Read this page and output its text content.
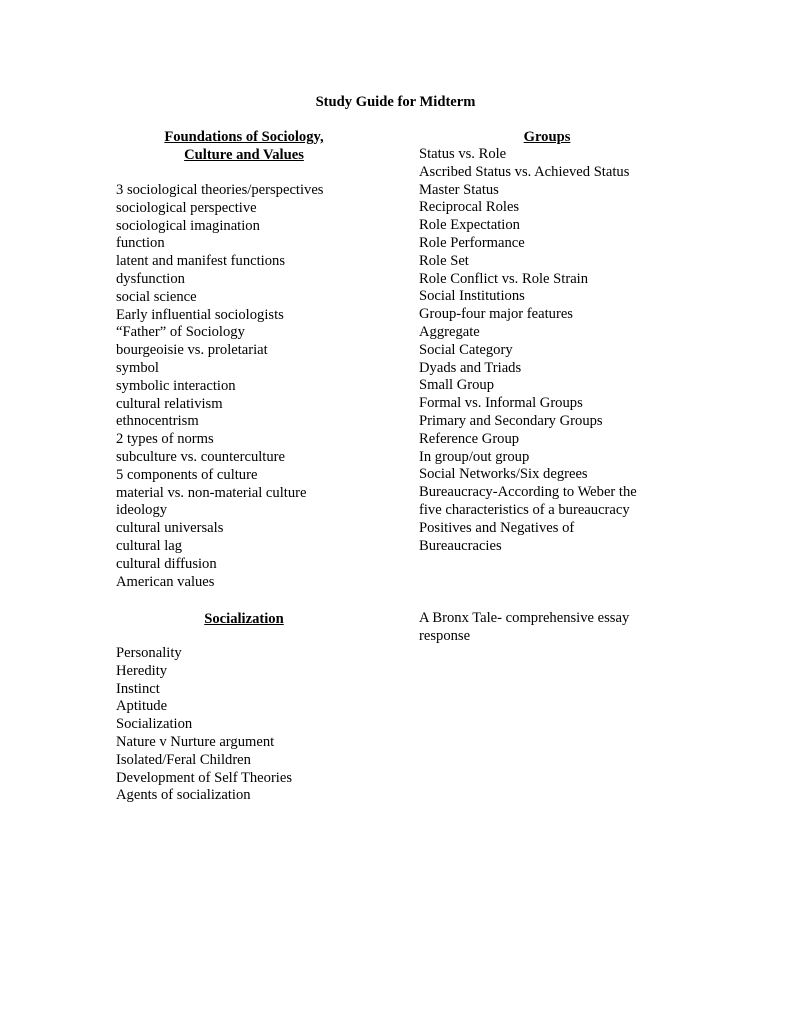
Study Guide for Midterm
Foundations of Sociology,
Culture and Values
3 sociological theories/perspectives
sociological perspective
sociological imagination
function
latent and manifest functions
dysfunction
social science
Early influential sociologists
“Father” of Sociology
bourgeoisie vs. proletariat
symbol
symbolic interaction
cultural relativism
ethnocentrism
2 types of norms
subculture vs. counterculture
5 components of culture
material vs. non-material culture
ideology
cultural universals
cultural lag
cultural diffusion
American values
Groups
Status vs. Role
Ascribed Status vs. Achieved Status
Master Status
Reciprocal Roles
Role Expectation
Role Performance
Role Set
Role Conflict vs. Role Strain
Social Institutions
Group-four major features
Aggregate
Social Category
Dyads and Triads
Small Group
Formal vs. Informal Groups
Primary and Secondary Groups
Reference Group
In group/out group
Social Networks/Six degrees
Bureaucracy-According to Weber the
five characteristics of a bureaucracy
Positives and Negatives of
Bureaucracies
Socialization
Personality
Heredity
Instinct
Aptitude
Socialization
Nature v Nurture argument
Isolated/Feral Children
Development of Self Theories
Agents of socialization
A Bronx Tale- comprehensive essay
response
